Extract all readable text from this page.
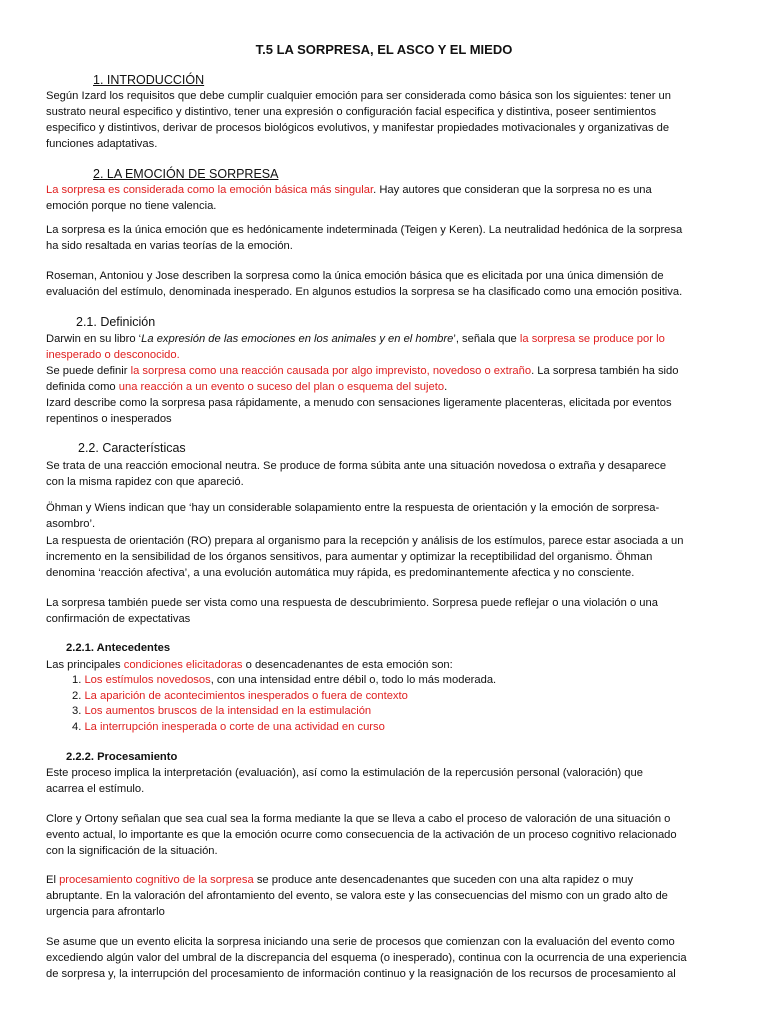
T.5 LA SORPRESA, EL ASCO Y EL MIEDO
1. INTRODUCCIÓN
Según Izard los requisitos que debe cumplir cualquier emoción para ser considerada como básica son los siguientes: tener un
sustrato neural especifico y distintivo, tener una expresión o configuración facial especifica y distintiva, poseer sentimientos
especifico y distintivos, derivar de procesos biológicos evolutivos, y manifestar propiedades motivacionales y organizativas de
funciones adaptativas.
2. LA EMOCIÓN DE SORPRESA
La sorpresa es considerada como la emoción básica más singular. Hay autores que consideran que la sorpresa no es una
emoción porque no tiene valencia.
La sorpresa es la única emoción que es hedónicamente indeterminada (Teigen y Keren). La neutralidad hedónica de la sorpresa
ha sido resaltada en varias teorías de la emoción.
Roseman, Antoniou y Jose describen la sorpresa como la única emoción básica que es elicitada por una única dimensión de
evaluación del estímulo, denominada inesperado. En algunos estudios la sorpresa se ha clasificado como una emoción positiva.
2.1. Definición
Darwin en su libro ‘La expresión de las emociones en los animales y en el hombre’, señala que la sorpresa se produce por lo
inesperado o desconocido.
Se puede definir la sorpresa como una reacción causada por algo imprevisto, novedoso o extraño. La sorpresa también ha sido
definida como una reacción a un evento o suceso del plan o esquema del sujeto.
Izard describe como la sorpresa pasa rápidamente, a menudo con sensaciones ligeramente placenteras, elicitada por eventos
repentinos o inesperados
2.2. Características
Se trata de una reacción emocional neutra. Se produce de forma súbita ante una situación novedosa o extraña y desaparece
con la misma rapidez con que apareció.
Öhman y Wiens indican que ‘hay un considerable solapamiento entre la respuesta de orientación y la emoción de sorpresa-
asombro’.
La respuesta de orientación (RO) prepara al organismo para la recepción y análisis de los estímulos, parece estar asociada a un
incremento en la sensibilidad de los órganos sensitivos, para aumentar y optimizar la receptibilidad del organismo. Öhman
denomina ‘reacción afectiva’, a una evolución automática muy rápida, es predominantemente afectica y no consciente.
La sorpresa también puede ser vista como una respuesta de descubrimiento. Sorpresa puede reflejar o una violación o una
confirmación de expectativas
2.2.1. Antecedentes
Las principales condiciones elicitadoras o desencadenantes de esta emoción son:
1. Los estímulos novedosos, con una intensidad entre débil o, todo lo más moderada.
2. La aparición de acontecimientos inesperados o fuera de contexto
3. Los aumentos bruscos de la intensidad en la estimulación
4. La interrupción inesperada o corte de una actividad en curso
2.2.2. Procesamiento
Este proceso implica la interpretación (evaluación), así como la estimulación de la repercusión personal (valoración) que
acarrea el estímulo.
Clore y Ortony señalan que sea cual sea la forma mediante la que se lleva a cabo el proceso de valoración de una situación o
evento actual, lo importante es que la emoción ocurre como consecuencia de la activación de un proceso cognitivo relacionado
con la significación de la situación.
El procesamiento cognitivo de la sorpresa se produce ante desencadenantes que suceden con una alta rapidez o muy
abruptante. En la valoración del afrontamiento del evento, se valora este y las consecuencias del mismo con un grado alto de
urgencia para afrontarlo
Se asume que un evento elicita la sorpresa iniciando una serie de procesos que comienzan con la evaluación del evento como
excediendo algún valor del umbral de la discrepancia del esquema (o inesperado), continua con la ocurrencia de una experiencia
de sorpresa y, la interrupción del procesamiento de información continuo y la reasignación de los recursos de procesamiento al
